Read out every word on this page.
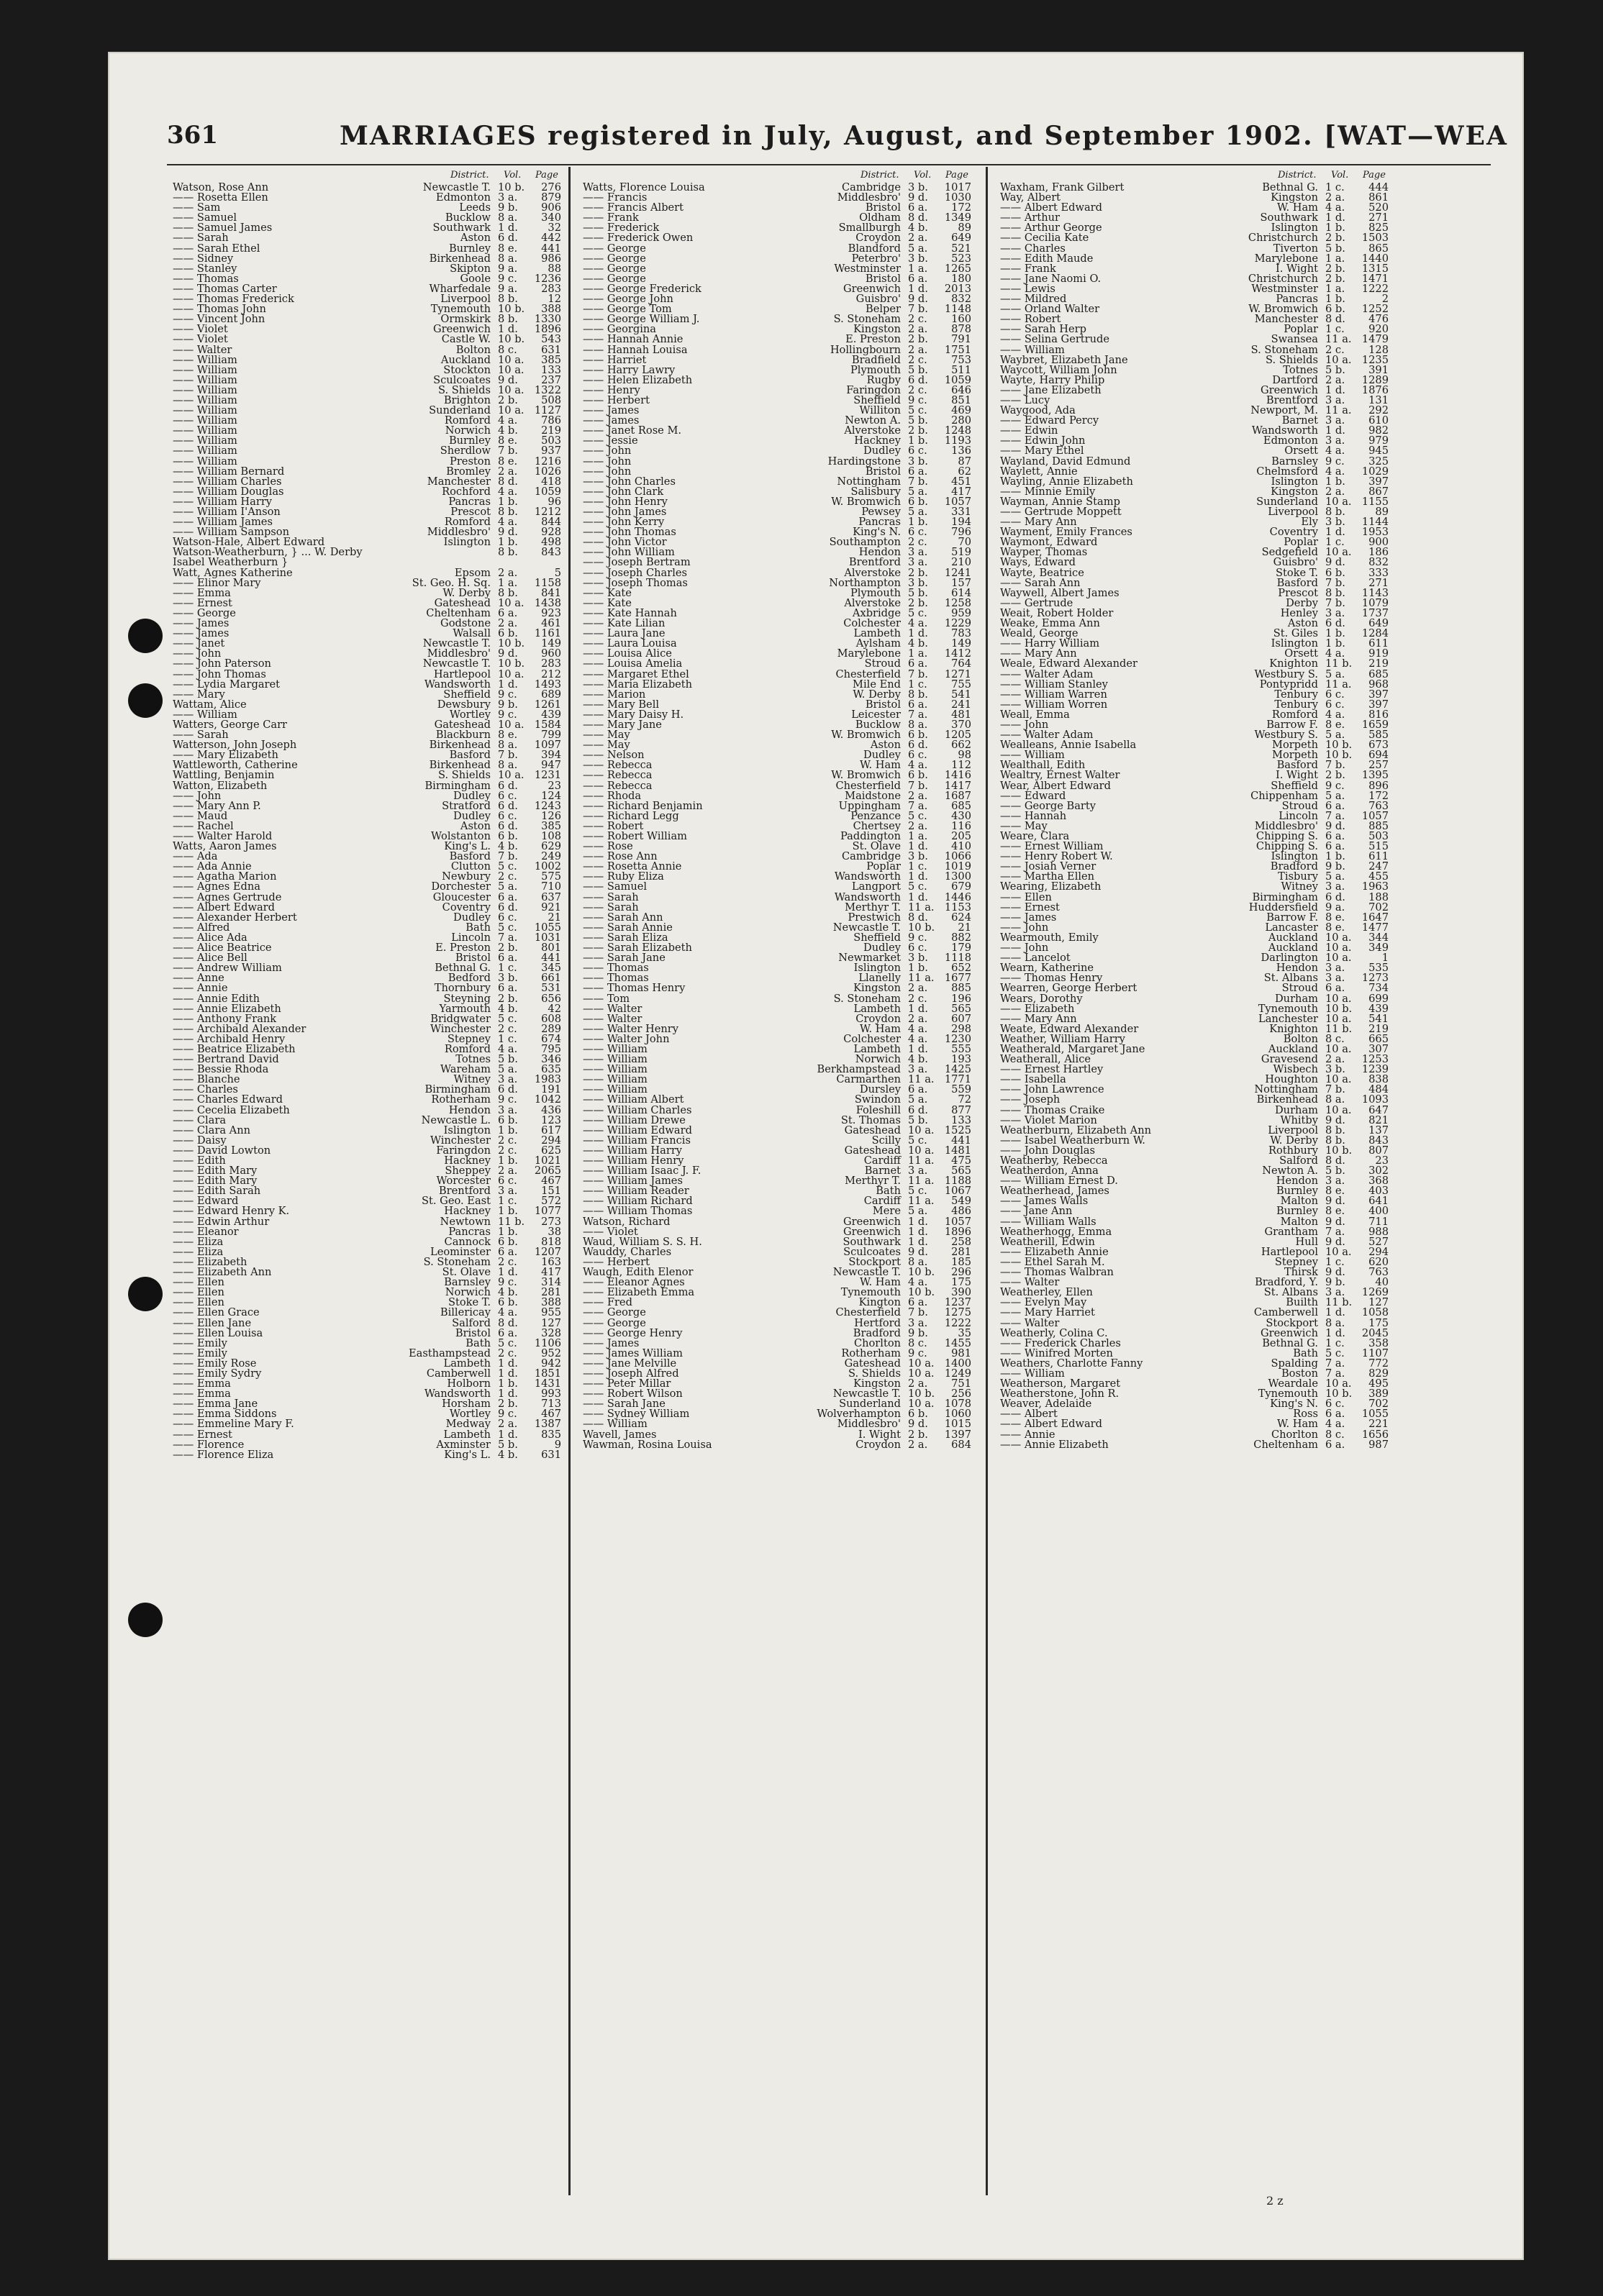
361	MARRIAGES registered in July, August, and September 1902. [WAT—WEA
District. Vol. Page
Watson, Rose Ann	Newcastle T. 10 b.	276
—— Rosetta Ellen	Edmonton 3 a.	879
—— Sam	Leeds 9 b.	906
—— Samuel	Bucklow 8 a.	340
—— Samuel James	Southwark 1 d.	32
—— Sarah	Aston 6 d.	442
—— Sarah Ethel	Burnley 8 e.	441
—— Sidney	Birkenhead 8 a.	986
—— Stanley	Skipton 9 a.	88
—— Thomas	Goole 9 c.	1236
—— Thomas Carter	Wharfedale 9 a.	283
—— Thomas Frederick	Liverpool 8 b.	12
—— Thomas John	Tynemouth 10 b.	388
—— Vincent John	Ormskirk 8 b.	1330
—— Violet	Greenwich 1 d.	1896
—— Violet	Castle W. 10 b.	543
—— Walter	Bolton 8 c.	631
—— William	Auckland 10 a.	385
—— William	Stockton 10 a.	133
—— William	Sculcoates 9 d.	237
—— William	S. Shields 10 a. 1322
—— William	Brighton 2 b.	508
—— William	Sunderland 10 a. 1127
—— William	Romford 4 a.	786
—— William	Norwich 4 b.	219
—— William	Burnley 8 e.	503
—— William	Sherdlow 7 b.	937
—— William	Preston 8 e.	1216
—— William Bernard	Bromley 2 a.	1026
—— William Charles	Manchester 8 d.	418
—— William Douglas	Rochford 4 a.	1059
—— William Harry	Pancras 1 b.	96
—— William I'Anson	Prescot 8 b.	1212
—— William James	Romford 4 a.	844
—— William Sampson	Middlesbro' 9 d.	928
Watson-Hale, Albert Edward	Islington 1 b.	498
Watson-Weatherburn, } ... W. Derby	8 b.	843
Isabel Weatherburn }
Watt, Agnes Katherine	Epsom 2 a.	5
—— Elinor Mary	St. Geo. H. Sq. 1 a.	1158
—— Emma	W. Derby 8 b.	841
—— Ernest	Gateshead 10 a. 1438
—— George	Cheltenham 6 a.	923
—— James	Godstone 2 a.	461
—— James	Walsall 6 b.	1161
—— Janet	Newcastle T. 10 b.	149
—— John	Middlesbro' 9 d.	960
—— John Paterson	Newcastle T. 10 b.	283
—— John Thomas	Hartlepool 10 a.	212
—— Lydia Margaret	Wandsworth 1 d.	1493
—— Mary	Sheffield 9 c.	689
Wattam, Alice	Dewsbury 9 b.	1261
—— William	Wortley 9 c.	439
Watters, George Carr	Gateshead 10 a. 1584
—— Sarah	Blackburn 8 e.	799
Watterson, John Joseph	Birkenhead 8 a.	1097
—— Mary Elizabeth	Basford 7 b.	394
Wattleworth, Catherine	Birkenhead 8 a.	947
Wattling, Benjamin	S. Shields 10 a. 1231
Watton, Elizabeth	Birmingham 6 d.	23
—— John	Dudley 6 c.	124
—— Mary Ann P.	Stratford 6 d.	1243
—— Maud	Dudley 6 c.	126
—— Rachel	Aston 6 d.	385
—— Walter Harold	Wolstanton 6 b.	108
Watts, Aaron James	King's L. 4 b.	629
—— Ada	Basford 7 b.	249
—— Ada Annie	Clutton 5 c.	1002
—— Agatha Marion	Newbury 2 c.	575
—— Agnes Edna	Dorchester 5 a.	710
—— Agnes Gertrude	Gloucester 6 a.	637
—— Albert Edward	Coventry 6 d.	921
—— Alexander Herbert	Dudley 6 c.	21
—— Alfred	Bath 5 c.	1055
—— Alice Ada	Lincoln 7 a.	1031
—— Alice Beatrice	E. Preston 2 b.	801
—— Alice Bell	Bristol 6 a.	441
—— Andrew William	Bethnal G. 1 c.	345
—— Anne	Bedford 3 b.	661
—— Annie	Thornbury 6 a.	531
—— Annie Edith	Steyning 2 b.	656
—— Annie Elizabeth	Yarmouth 4 b.	42
—— Anthony Frank	Bridgwater 5 c.	608
—— Archibald Alexander	Winchester 2 c.	289
—— Archibald Henry	Stepney 1 c.	674
—— Beatrice Elizabeth	Romford 4 a.	795
—— Bertrand David	Totnes 5 b.	346
—— Bessie Rhoda	Wareham 5 a.	635
—— Blanche	Witney 3 a.	1983
—— Charles	Birmingham 6 d.	191
—— Charles Edward	Rotherham 9 c.	1042
—— Cecelia Elizabeth	Hendon 3 a.	436
—— Clara	Newcastle L. 6 b.	123
—— Clara Ann	Islington 1 b.	617
—— Daisy	Winchester 2 c.	294
—— David Lowton	Faringdon 2 c.	625
—— Edith	Hackney 1 b.	1021
—— Edith Mary	Sheppey 2 a.	2065
—— Edith Mary	Worcester 6 c.	467
—— Edith Sarah	Brentford 3 a.	151
—— Edward	St. Geo. East 1 c.	572
—— Edward Henry K.	Hackney 1 b.	1077
—— Edwin Arthur	Newtown 11 b.	273
—— Eleanor	Pancras 1 b.	38
—— Eliza	Cannock 6 b.	818
—— Eliza	Leominster 6 a.	1207
—— Elizabeth	S. Stoneham 2 c.	163
—— Elizabeth Ann	St. Olave 1 d.	417
—— Ellen	Barnsley 9 c.	314
—— Ellen	Norwich 4 b.	281
—— Ellen	Stoke T. 6 b.	388
—— Ellen Grace	Billericay 4 a.	955
—— Ellen Jane	Salford 8 d.	127
—— Ellen Louisa	Bristol 6 a.	328
—— Emily	Bath 5 c.	1106
—— Emily	Easthampstead 2 c.	952
—— Emily Rose	Lambeth 1 d.	942
—— Emily Sydry	Camberwell 1 d.	1851
—— Emma	Holborn 1 b.	1431
—— Emma	Wandsworth 1 d.	993
—— Emma Jane	Horsham 2 b.	713
—— Emma Siddons	Wortley 9 c.	467
—— Emmeline Mary F.	Medway 2 a.	1387
—— Ernest	Lambeth 1 d.	835
—— Florence	Axminster 5 b.	9
—— Florence Eliza	King's L. 4 b.	631
District. Vol. Page
Watts, Florence Louisa	Cambridge 3 b.	1017
—— Francis	Middlesbro' 9 d.	1030
—— Francis Albert	Bristol 6 a.	172
—— Frank	Oldham 8 d.	1349
—— Frederick	Smallburgh 4 b.	89
—— Frederick Owen	Croydon 2 a.	649
—— George	Blandford 5 a.	521
—— George	Peterbro' 3 b.	523
—— George	Westminster 1 a.	1265
—— George	Bristol 6 a.	180
—— George Frederick	Greenwich 1 d.	2013
—— George John	Guisbro' 9 d.	832
—— George Tom	Belper 7 b.	1148
—— George William J.	S. Stoneham 2 c.	160
—— Georgina	Kingston 2 a.	878
—— Hannah Annie	E. Preston 2 b.	791
—— Hannah Louisa	Hollingbourn 2 a.	1751
—— Harriet	Bradfield 2 c.	753
—— Harry Lawry	Plymouth 5 b.	511
—— Helen Elizabeth	Rugby 6 d.	1059
—— Henry	Faringdon 2 c.	646
—— Herbert	Sheffield 9 c.	851
—— James	Williton 5 c.	469
—— James	Newton A. 5 b.	280
—— Janet Rose M.	Alverstoke 2 b.	1248
—— Jessie	Hackney 1 b.	1193
—— John	Dudley 6 c.	136
—— John	Hardingstone 3 b.	87
—— John	Bristol 6 a.	62
—— John Charles	Nottingham 7 b.	451
—— John Clark	Salisbury 5 a.	417
—— John Henry	W. Bromwich 6 b.	1057
—— John James	Pewsey 5 a.	331
—— John Kerry	Pancras 1 b.	194
—— John Thomas	King's N. 6 c.	796
—— John Victor	Southampton 2 c.	70
—— John William	Hendon 3 a.	519
—— Joseph Bertram	Brentford 3 a.	210
—— Joseph Charles	Alverstoke 2 b.	1241
—— Joseph Thomas	Northampton 3 b.	157
—— Kate	Plymouth 5 b.	614
—— Kate	Alverstoke 2 b.	1258
—— Kate Hannah	Axbridge 5 c.	959
—— Kate Lilian	Colchester 4 a.	1229
—— Laura Jane	Lambeth 1 d.	783
—— Laura Louisa	Aylsham 4 b.	149
—— Louisa Alice	Marylebone 1 a.	1412
—— Louisa Amelia	Stroud 6 a.	764
—— Margaret Ethel	Chesterfield 7 b.	1271
—— Maria Elizabeth	Mile End 1 c.	755
—— Marion	W. Derby 8 b.	541
—— Mary Bell	Bristol 6 a.	241
—— Mary Daisy H.	Leicester 7 a.	481
—— Mary Jane	Bucklow 8 a.	370
—— May	W. Bromwich 6 b.	1205
—— May	Aston 6 d.	662
—— Nelson	Dudley 6 c.	98
—— Rebecca	W. Ham 4 a.	112
—— Rebecca	W. Bromwich 6 b.	1416
—— Rebecca	Chesterfield 7 b.	1417
—— Rhoda	Maidstone 2 a.	1687
—— Richard Benjamin	Uppingham 7 a.	685
—— Richard Legg	Penzance 5 c.	430
—— Robert	Chertsey 2 a.	116
—— Robert William	Paddington 1 a.	205
—— Rose	St. Olave 1 d.	410
—— Rose Ann	Cambridge 3 b.	1066
—— Rosetta Annie	Poplar 1 c.	1019
—— Ruby Eliza	Wandsworth 1 d.	1300
—— Samuel	Langport 5 c.	679
—— Sarah	Wandsworth 1 d.	1446
—— Sarah	Merthyr T. 11 a. 1153
—— Sarah Ann	Prestwich 8 d.	624
—— Sarah Annie	Newcastle T. 10 b.	21
—— Sarah Eliza	Sheffield 9 c.	882
—— Sarah Elizabeth	Dudley 6 c.	179
—— Sarah Jane	Newmarket 3 b.	1118
—— Thomas	Islington 1 b.	652
—— Thomas	Llanelly 11 a. 1677
—— Thomas Henry	Kingston 2 a.	885
—— Tom	S. Stoneham 2 c.	196
—— Walter	Lambeth 1 d.	565
—— Walter	Croydon 2 a.	607
—— Walter Henry	W. Ham 4 a.	298
—— Walter John	Colchester 4 a.	1230
—— William	Lambeth 1 d.	555
—— William	Norwich 4 b.	193
—— William	Berkhampstead 3 a.	1425
—— William	Carmarthen 11 a. 1771
—— William	Dursley 6 a.	559
—— William Albert	Swindon 5 a.	72
—— William Charles	Foleshill 6 d.	877
—— William Drewe	St. Thomas 5 b.	133
—— William Edward	Gateshead 10 a. 1525
—— William Francis	Scilly 5 c.	441
—— William Harry	Gateshead 10 a. 1481
—— William Henry	Cardiff 11 a.	475
—— William Isaac J. F.	Barnet 3 a.	565
—— William James	Merthyr T. 11 a. 1188
—— William Reader	Bath 5 c.	1067
—— William Richard	Cardiff 11 a.	549
—— William Thomas	Mere 5 a.	486
Watson, Richard	Greenwich 1 d.	1057
—— Violet	Greenwich 1 d.	1896
Waud, William S. S. H.	Southwark 1 d.	258
Wauddy, Charles	Sculcoates 9 d.	281
—— Herbert	Stockport 8 a.	185
Waugh, Edith Elenor	Newcastle T. 10 b.	296
—— Eleanor Agnes	W. Ham 4 a.	175
—— Elizabeth Emma	Tynemouth 10 b.	390
—— Fred	Kington 6 a.	1237
—— George	Chesterfield 7 b.	1275
—— George	Hertford 3 a.	1222
—— George Henry	Bradford 9 b.	35
—— James	Chorlton 8 c.	1455
—— James William	Rotherham 9 c.	981
—— Jane Melville	Gateshead 10 a. 1400
—— Joseph Alfred	S. Shields 10 a. 1249
—— Peter Millar	Kingston 2 a.	751
—— Robert Wilson	Newcastle T. 10 b.	256
—— Sarah Jane	Sunderland 10 a. 1078
—— Sydney William	Wolverhampton 6 b.	1060
—— William	Middlesbro' 9 d.	1015
Wavell, James	I. Wight 2 b.	1397
Wawman, Rosina Louisa	Croydon 2 a.	684
District. Vol. Page
Waxham, Frank Gilbert	Bethnal G. 1 c.	444
Way, Albert	Kingston 2 a.	861
—— Albert Edward	W. Ham 4 a.	520
—— Arthur	Southwark 1 d.	271
—— Arthur George	Islington 1 b.	825
—— Cecilia Kate	Christchurch 2 b.	1503
—— Charles	Tiverton 5 b.	865
—— Edith Maude	Marylebone 1 a.	1440
—— Frank	I. Wight 2 b.	1315
—— Jane Naomi O.	Christchurch 2 b.	1471
—— Lewis	Westminster 1 a.	1222
—— Mildred	Pancras 1 b.	2
—— Orland Walter	W. Bromwich 6 b.	1252
—— Robert	Manchester 8 d.	476
—— Sarah Herp	Poplar 1 c.	920
—— Selina Gertrude	Swansea 11 a. 1479
—— William	S. Stoneham 2 c.	128
Waybret, Elizabeth Jane	S. Shields 10 a. 1235
Waycott, William John	Totnes 5 b.	391
Wayte, Harry Philip	Dartford 2 a.	1289
—— Jane Elizabeth	Greenwich 1 d.	1876
—— Lucy	Brentford 3 a.	131
Waygood, Ada	Newport, M. 11 a.	292
—— Edward Percy	Barnet 3 a.	610
—— Edwin	Wandsworth 1 d.	982
—— Edwin John	Edmonton 3 a.	979
—— Mary Ethel	Orsett 4 a.	945
Wayland, David Edmund	Barnsley 9 c.	325
Waylett, Annie	Chelmsford 4 a.	1029
Wayling, Annie Elizabeth	Islington 1 b.	397
—— Minnie Emily	Kingston 2 a.	867
Wayman, Annie Stamp	Sunderland 10 a. 1155
—— Gertrude Moppett	Liverpool 8 b.	89
—— Mary Ann	Ely 3 b.	1144
Wayment, Emily Frances	Coventry 1 d.	1953
Waymont, Edward	Poplar 1 c.	900
Wayper, Thomas	Sedgefield 10 a.	186
Ways, Edward	Guisbro' 9 d.	832
Wayte, Beatrice	Stoke T. 6 b.	333
—— Sarah Ann	Basford 7 b.	271
Waywell, Albert James	Prescot 8 b.	1143
—— Gertrude	Derby 7 b.	1079
Weait, Robert Holder	Henley 3 a.	1737
Weake, Emma Ann	Aston 6 d.	649
Weald, George	St. Giles 1 b.	1284
—— Harry William	Islington 1 b.	611
—— Mary Ann	Orsett 4 a.	919
Weale, Edward Alexander	Knighton 11 b.	219
—— Walter Adam	Westbury S. 5 a.	685
—— William Stanley	Pontypridd 11 a.	968
—— William Warren	Tenbury 6 c.	397
—— William Worren	Tenbury 6 c.	397
Weall, Emma	Romford 4 a.	816
—— John	Barrow F. 8 e.	1659
—— Walter Adam	Westbury S. 5 a.	585
Wealleans, Annie Isabella	Morpeth 10 b.	673
—— William	Morpeth 10 b.	694
Wealthall, Edith	Basford 7 b.	257
Wealtry, Ernest Walter	I. Wight 2 b.	1395
Wear, Albert Edward	Sheffield 9 c.	896
—— Edward	Chippenham 5 a.	172
—— George Barty	Stroud 6 a.	763
—— Hannah	Lincoln 7 a.	1057
—— May	Middlesbro' 9 d.	885
Weare, Clara	Chipping S. 6 a.	503
—— Ernest William	Chipping S. 6 a.	515
—— Henry Robert W.	Islington 1 b.	611
—— Josiah Verner	Bradford 9 b.	247
—— Martha Ellen	Tisbury 5 a.	455
Wearing, Elizabeth	Witney 3 a.	1963
—— Ellen	Birmingham 6 d.	188
—— Ernest	Huddersfield 9 a.	702
—— James	Barrow F. 8 e.	1647
—— John	Lancaster 8 e.	1477
Wearmouth, Emily	Auckland 10 a.	344
—— John	Auckland 10 a.	349
—— Lancelot	Darlington 10 a.	1
Wearn, Katherine	Hendon 3 a.	535
—— Thomas Henry	St. Albans 3 a.	1273
Wearren, George Herbert	Stroud 6 a.	734
Wears, Dorothy	Durham 10 a.	699
—— Elizabeth	Tynemouth 10 b.	439
—— Mary Ann	Lanchester 10 a.	541
Weate, Edward Alexander	Knighton 11 b.	219
Weather, William Harry	Bolton 8 c.	665
Weatherald, Margaret Jane	Auckland 10 a.	307
Weatherall, Alice	Gravesend 2 a.	1253
—— Ernest Hartley	Wisbech 3 b.	1239
—— Isabella	Houghton 10 a.	838
—— John Lawrence	Nottingham 7 b.	484
—— Joseph	Birkenhead 8 a.	1093
—— Thomas Craike	Durham 10 a.	647
—— Violet Marion	Whitby 9 d.	821
Weatherburn, Elizabeth Ann	Liverpool 8 b.	137
—— Isabel Weatherburn W.	W. Derby 8 b.	843
—— John Douglas	Rothbury 10 b.	807
Weatherby, Rebecca	Salford 8 d.	23
Weatherdon, Anna	Newton A. 5 b.	302
—— William Ernest D.	Hendon 3 a.	368
Weatherhead, James	Burnley 8 e.	403
—— James Walls	Malton 9 d.	641
—— Jane Ann	Burnley 8 e.	400
—— William Walls	Malton 9 d.	711
Weatherhogg, Emma	Grantham 7 a.	988
Weatherill, Edwin	Hull 9 d.	527
—— Elizabeth Annie	Hartlepool 10 a.	294
—— Ethel Sarah M.	Stepney 1 c.	620
—— Thomas Walbran	Thirsk 9 d.	763
—— Walter	Bradford, Y. 9 b.	40
Weatherley, Ellen	St. Albans 3 a.	1269
—— Evelyn May	Builth 11 b.	127
—— Mary Harriet	Camberwell 1 d.	1058
—— Walter	Stockport 8 a.	175
Weatherly, Colina C.	Greenwich 1 d.	2045
—— Frederick Charles	Bethnal G. 1 c.	358
—— Winifred Morten	Bath 5 c.	1107
Weathers, Charlotte Fanny	Spalding 7 a.	772
—— William	Boston 7 a.	829
Weatherson, Margaret	Weardale 10 a.	495
Weatherstone, John R.	Tynemouth 10 b.	389
Weaver, Adelaide	King's N. 6 c.	702
—— Albert	Ross 6 a.	1055
—— Albert Edward	W. Ham 4 a.	221
—— Annie	Chorlton 8 c.	1656
—— Annie Elizabeth	Cheltenham 6 a.	987
2 z
